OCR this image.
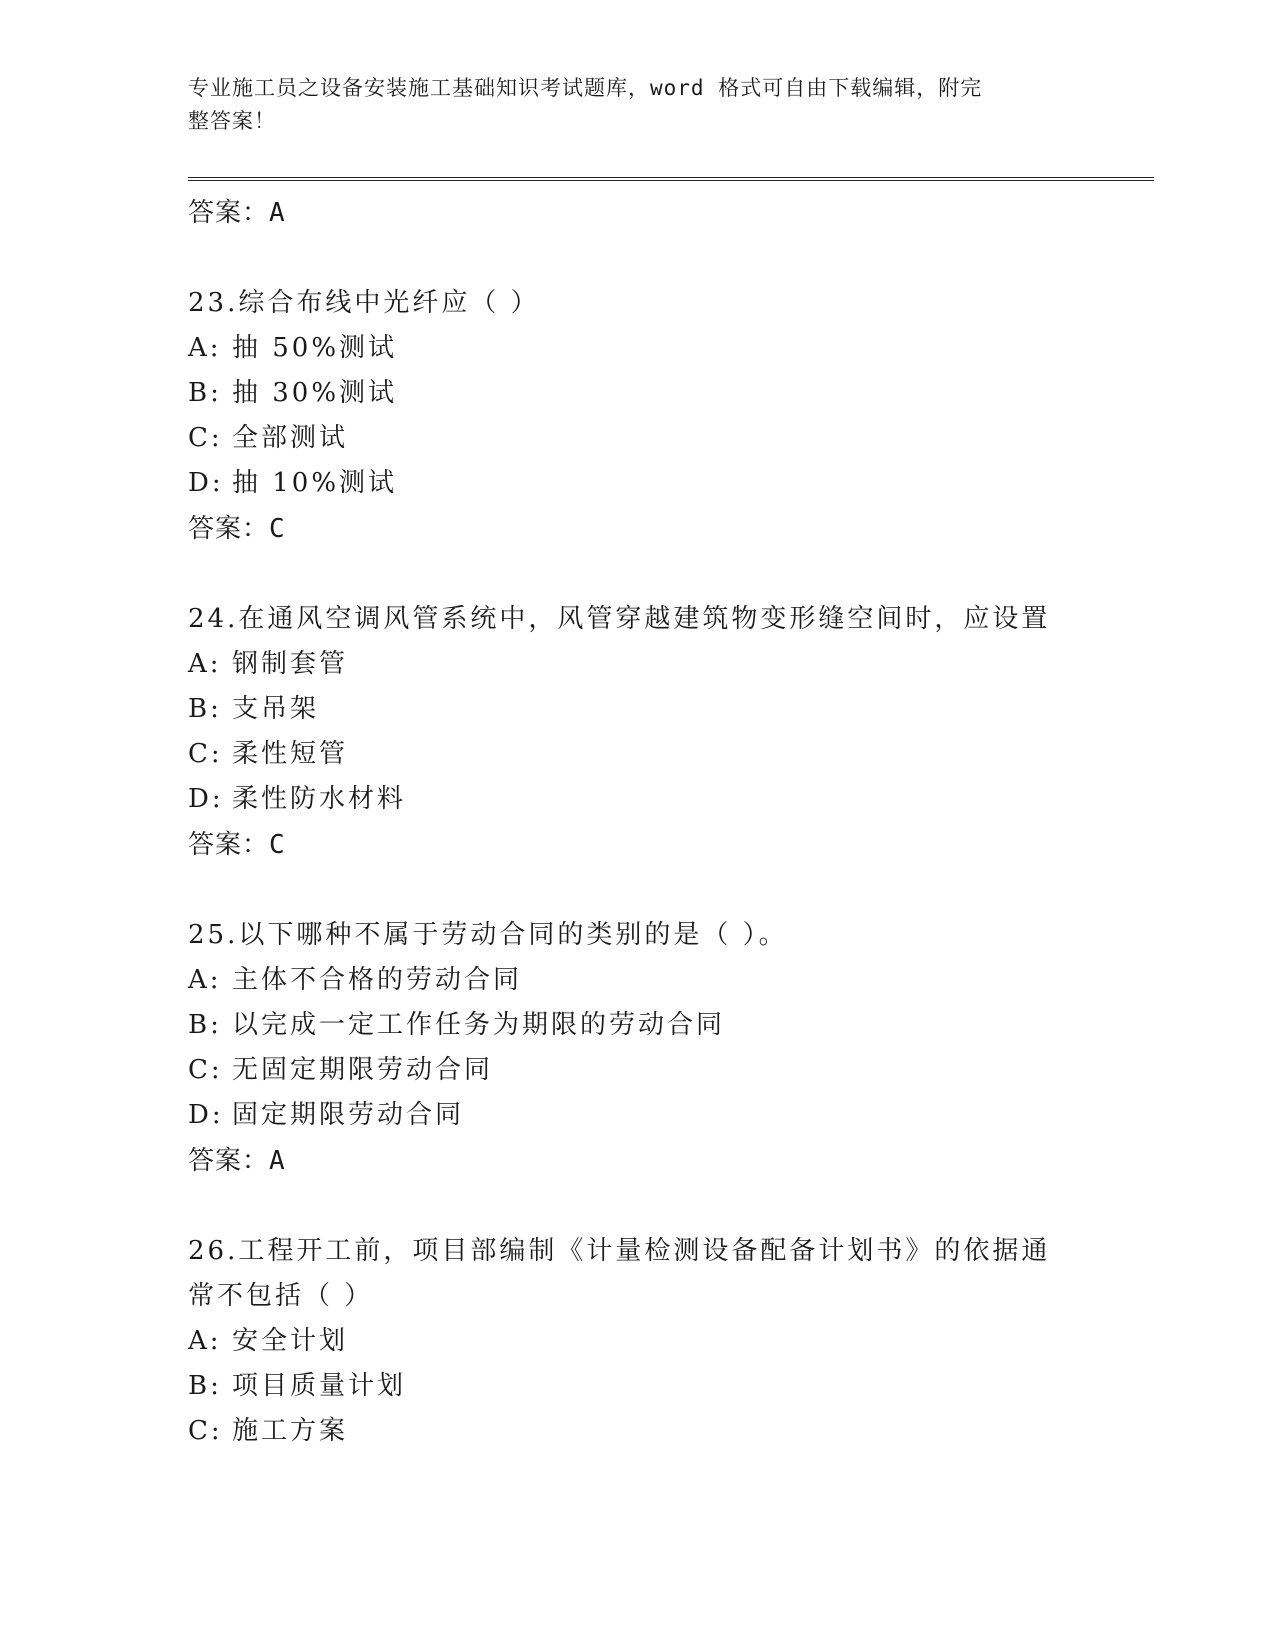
专业施工员之设备安装施工基础知识考试题库，word 格式可自由下载编辑，附完
整答案！
答案：A
23.综合布线中光纤应（ ）
A: 抽 50%测试
B: 抽 30%测试
C: 全部测试
D: 抽 10%测试
答案：C
24.在通风空调风管系统中，风管穿越建筑物变形缝空间时，应设置
A: 钢制套管
B: 支吊架
C: 柔性短管
D: 柔性防水材料
答案：C
25.以下哪种不属于劳动合同的类别的是（ ）。
A: 主体不合格的劳动合同
B: 以完成一定工作任务为期限的劳动合同
C: 无固定期限劳动合同
D: 固定期限劳动合同
答案：A
26.工程开工前，项目部编制《计量检测设备配备计划书》的依据通常不包括（ ）
A: 安全计划
B: 项目质量计划
C: 施工方案
